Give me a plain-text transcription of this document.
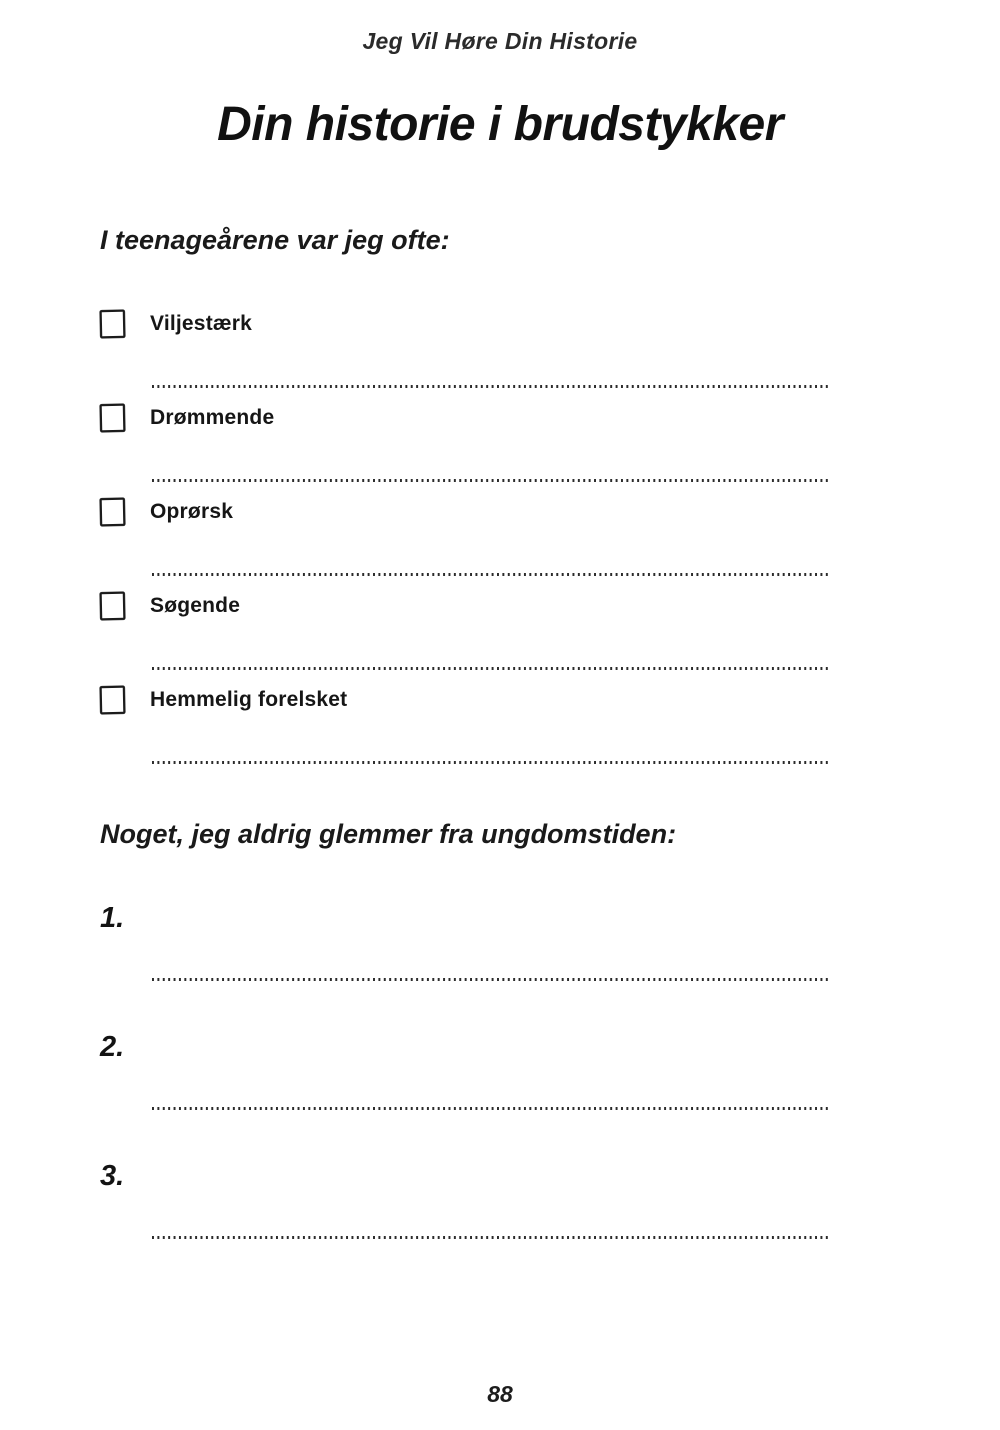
Jeg Vil Høre Din Historie
Din historie i brudstykker
I teenageårene var jeg ofte:
Viljestærk
Drømmende
Oprørsk
Søgende
Hemmelig forelsket
Noget, jeg aldrig glemmer fra ungdomstiden:
1.
2.
3.
88
